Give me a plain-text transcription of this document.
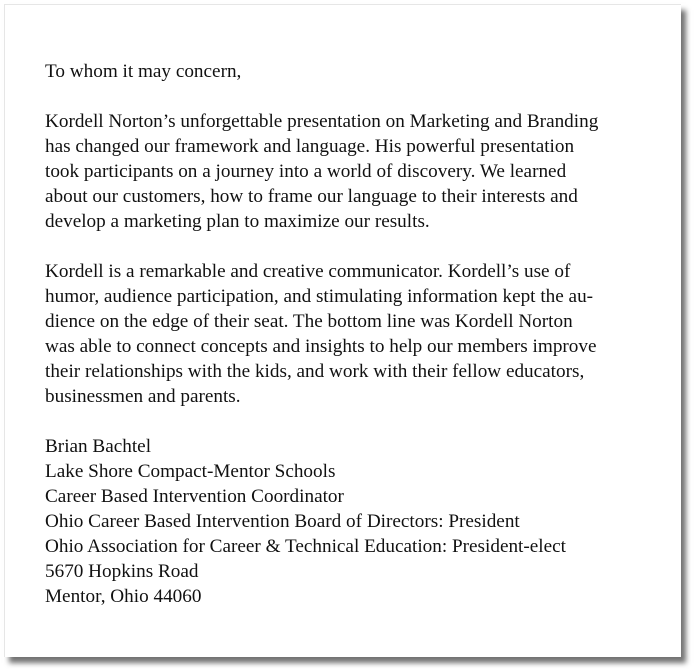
To whom it may concern,

Kordell Norton’s unforgettable presentation on Marketing and Branding
has changed our framework and language. His powerful presentation
took participants on a journey into a world of discovery. We learned
about our customers, how to frame our language to their interests and
develop a marketing plan to maximize our results.

Kordell is a remarkable and creative communicator. Kordell’s use of
humor, audience participation, and stimulating information kept the au-
dience on the edge of their seat. The bottom line was Kordell Norton
was able to connect concepts and insights to help our members improve
their relationships with the kids, and work with their fellow educators,
businessmen and parents.

Brian Bachtel
Lake Shore Compact-Mentor Schools
Career Based Intervention Coordinator
Ohio Career Based Intervention Board of Directors: President
Ohio Association for Career & Technical Education: President-elect
5670 Hopkins Road
Mentor, Ohio 44060
